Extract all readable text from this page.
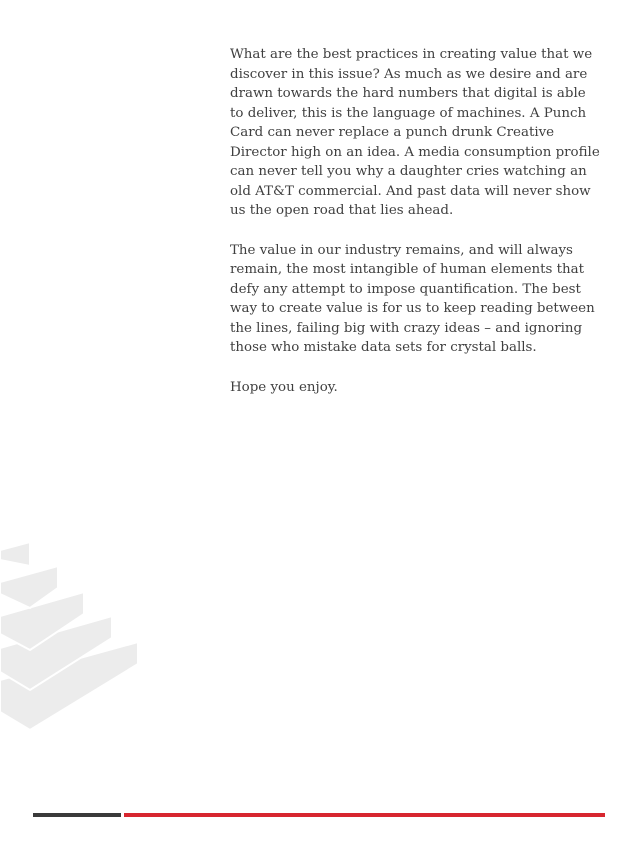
What are the best practices in creating value that we discover in this issue? As much as we desire and are drawn towards the hard numbers that digital is able to deliver, this is the language of machines. A Punch Card can never replace a punch drunk Creative Director high on an idea. A media consumption profile can never tell you why a daughter cries watching an old AT&T commercial. And past data will never show us the open road that lies ahead.

The value in our industry remains, and will always remain, the most intangible of human elements that defy any attempt to impose quantification. The best way to create value is for us to keep reading between the lines, failing big with crazy ideas – and ignoring those who mistake data sets for crystal balls.

Hope you enjoy.
